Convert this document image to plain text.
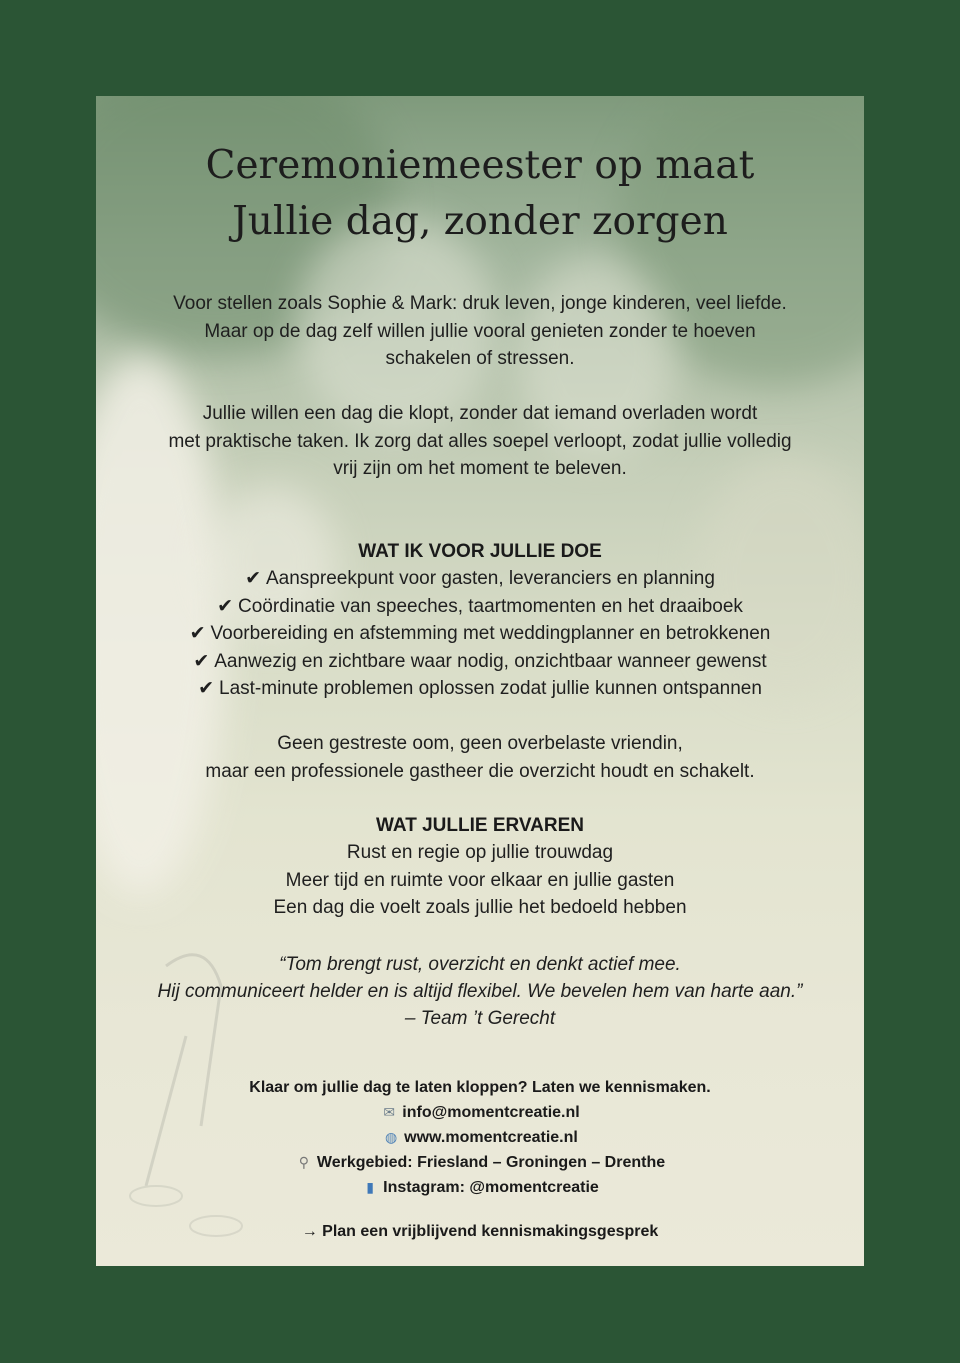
Ceremoniemeester op maat
Jullie dag, zonder zorgen

Voor stellen zoals Sophie & Mark: druk leven, jonge kinderen, veel liefde.
Maar op de dag zelf willen jullie vooral genieten zonder te hoeven
schakelen of stressen.

Jullie willen een dag die klopt, zonder dat iemand overladen wordt
met praktische taken. Ik zorg dat alles soepel verloopt, zodat jullie volledig
vrij zijn om het moment te beleven.

WAT IK VOOR JULLIE DOE
✔ Aanspreekpunt voor gasten, leveranciers en planning
✔ Coördinatie van speeches, taartmomenten en het draaiboek
✔ Voorbereiding en afstemming met weddingplanner en betrokkenen
✔ Aanwezig en zichtbare waar nodig, onzichtbaar wanneer gewenst
✔ Last-minute problemen oplossen zodat jullie kunnen ontspannen

Geen gestreste oom, geen overbelaste vriendin,
maar een professionele gastheer die overzicht houdt en schakelt.

WAT JULLIE ERVAREN
Rust en regie op jullie trouwdag
Meer tijd en ruimte voor elkaar en jullie gasten
Een dag die voelt zoals jullie het bedoeld hebben

“Tom brengt rust, overzicht en denkt actief mee.
Hij communiceert helder en is altijd flexibel. We bevelen hem van harte aan.”
– Team ’t Gerecht

Klaar om jullie dag te laten kloppen? Laten we kennismaken.
✉ info@momentcreatie.nl
◍ www.momentcreatie.nl
⚲ Werkgebied: Friesland – Groningen – Drenthe
▮ Instagram: @momentcreatie
→ Plan een vrijblijvend kennismakingsgesprek
